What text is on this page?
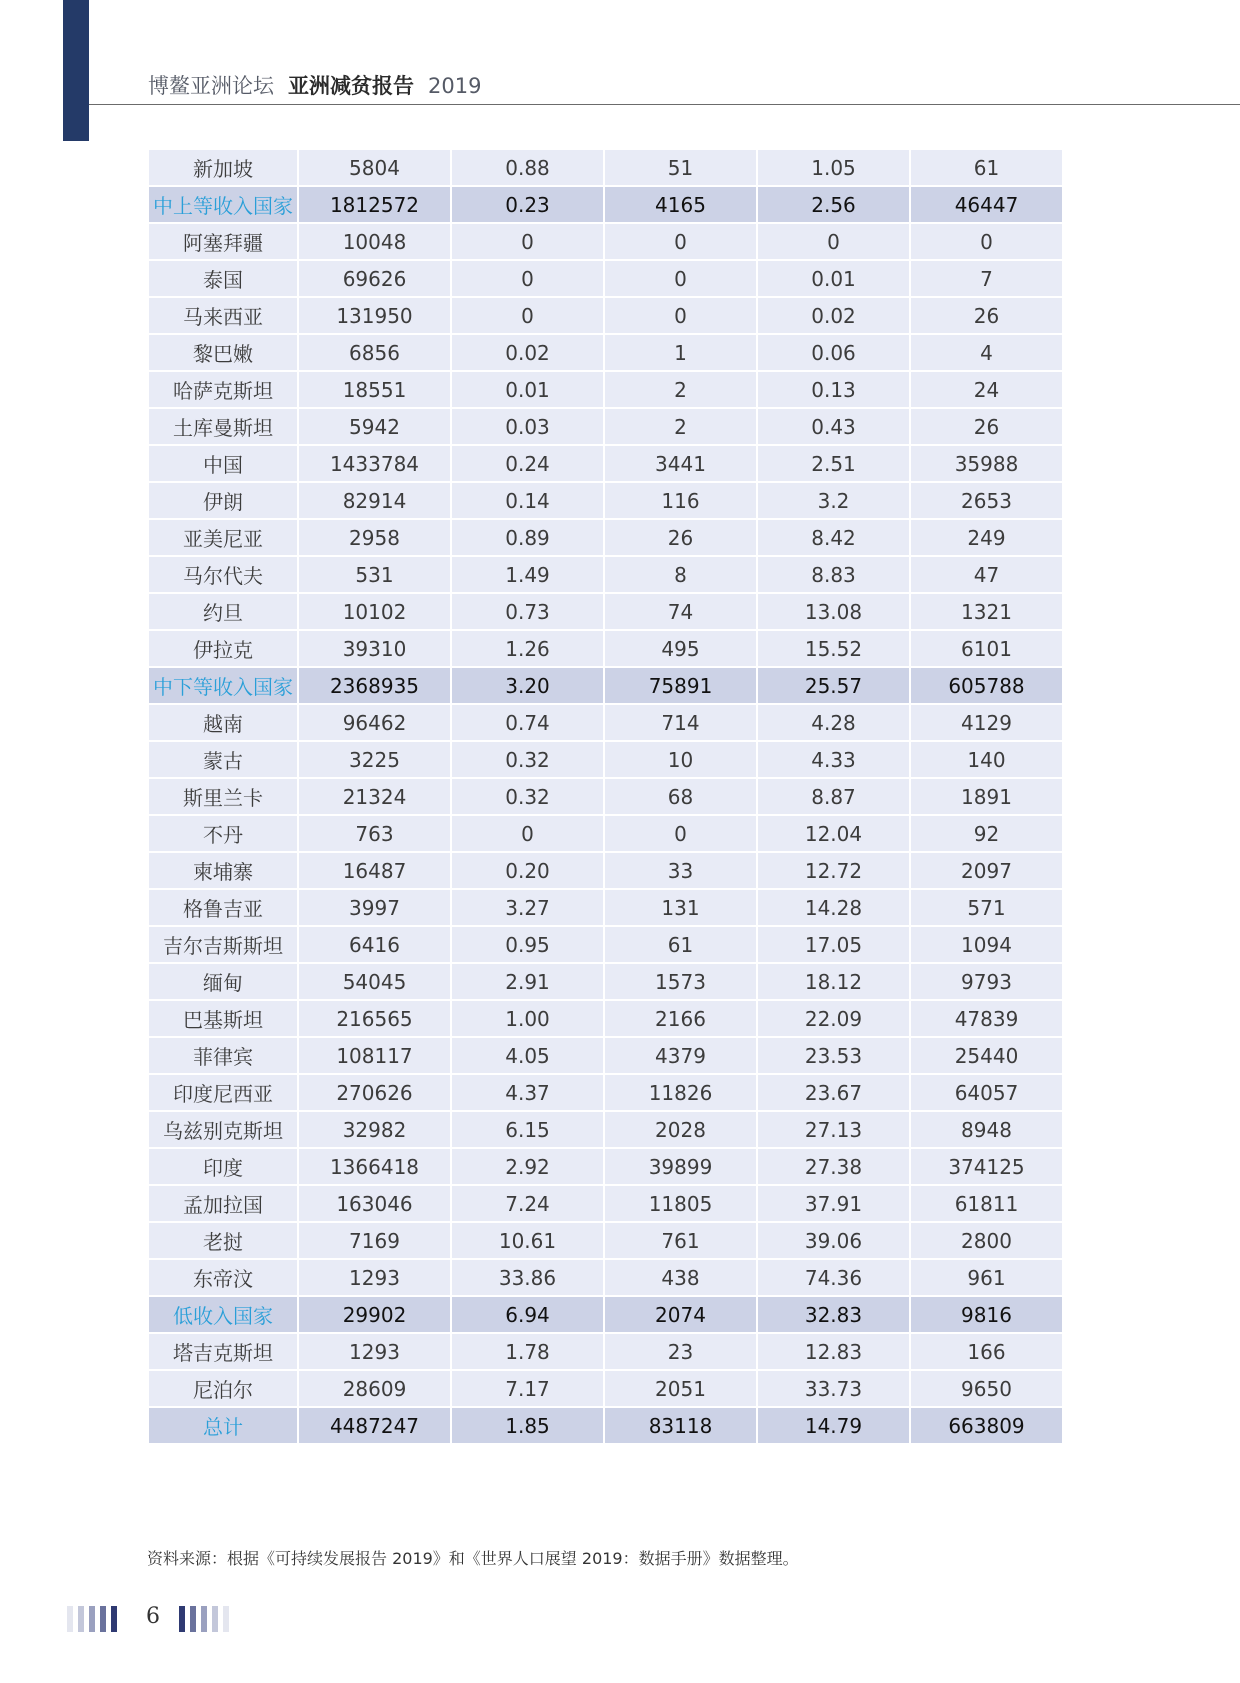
博鳌亚洲论坛 亚洲减贫报告 2019
新加坡	5804	0.88	51	1.05	61
中上等收入国家	1812572	0.23	4165	2.56	46447
阿塞拜疆	10048	0	0	0	0
泰国	69626	0	0	0.01	7
马来西亚	131950	0	0	0.02	26
黎巴嫩	6856	0.02	1	0.06	4
哈萨克斯坦	18551	0.01	2	0.13	24
土库曼斯坦	5942	0.03	2	0.43	26
中国	1433784	0.24	3441	2.51	35988
伊朗	82914	0.14	116	3.2	2653
亚美尼亚	2958	0.89	26	8.42	249
马尔代夫	531	1.49	8	8.83	47
约旦	10102	0.73	74	13.08	1321
伊拉克	39310	1.26	495	15.52	6101
中下等收入国家	2368935	3.20	75891	25.57	605788
越南	96462	0.74	714	4.28	4129
蒙古	3225	0.32	10	4.33	140
斯里兰卡	21324	0.32	68	8.87	1891
不丹	763	0	0	12.04	92
柬埔寨	16487	0.20	33	12.72	2097
格鲁吉亚	3997	3.27	131	14.28	571
吉尔吉斯斯坦	6416	0.95	61	17.05	1094
缅甸	54045	2.91	1573	18.12	9793
巴基斯坦	216565	1.00	2166	22.09	47839
菲律宾	108117	4.05	4379	23.53	25440
印度尼西亚	270626	4.37	11826	23.67	64057
乌兹别克斯坦	32982	6.15	2028	27.13	8948
印度	1366418	2.92	39899	27.38	374125
孟加拉国	163046	7.24	11805	37.91	61811
老挝	7169	10.61	761	39.06	2800
东帝汶	1293	33.86	438	74.36	961
低收入国家	29902	6.94	2074	32.83	9816
塔吉克斯坦	1293	1.78	23	12.83	166
尼泊尔	28609	7.17	2051	33.73	9650
总计	4487247	1.85	83118	14.79	663809
资料来源：根据《可持续发展报告 2019》和《世界人口展望 2019：数据手册》数据整理。
6
